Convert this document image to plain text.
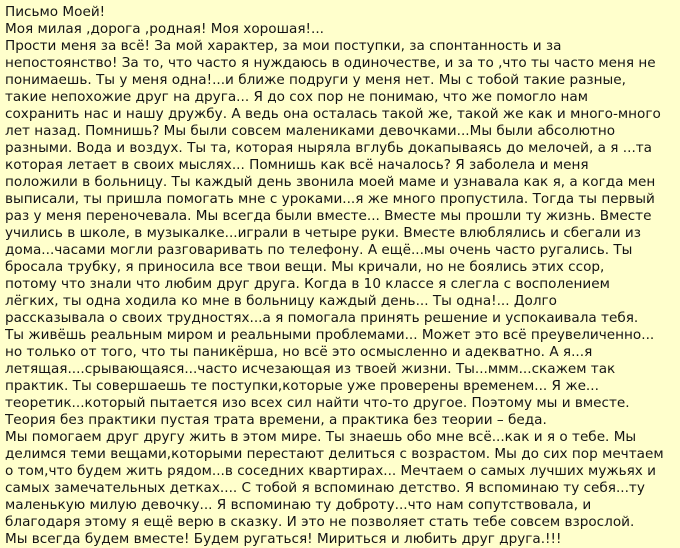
Письмо Моей!
Моя милая ,дорога ,родная! Моя хорошая!...
Прости меня за всё! За мой характер, за мои поступки, за спонтанность и за
непостоянство! За то, что часто я нуждаюсь в одиночестве, и за то ,что ты часто меня не
понимаешь. Ты у меня одна!...и ближе подруги у меня нет. Мы с тобой такие разные,
такие непохожие друг на друга... Я до сох пор не понимаю, что же помогло нам
сохранить нас и нашу дружбу. А ведь она осталась такой же, такой же как и много-много
лет назад. Помнишь? Мы были совсем малениками девочками...Мы были абсолютно
разными. Вода и воздух. Ты та, которая ныряла вглубь докапываясь до мелочей, а я ...та
которая летает в своих мыслях... Помнишь как всё началось? Я заболела и меня
положили в больницу. Ты каждый день звонила моей маме и узнавала как я, а когда мен
выписали, ты пришла помогать мне с уроками...я же много пропустила. Тогда ты первый
раз у меня переночевала. Мы всегда были вместе... Вместе мы прошли ту жизнь. Вместе
учились в школе, в музыкалке...играли в четыре руки. Вместе влюблялись и сбегали из
дома...часами могли разговаривать по телефону. А ещё...мы очень часто ругались. Ты
бросала трубку, я приносила все твои вещи. Мы кричали, но не боялись этих ссор,
потому что знали что любим друг друга. Когда в 10 классе я слегла с восполением
лёгких, ты одна ходила ко мне в больницу каждый день... Ты одна!... Долго
рассказывала о своих трудностях...а я помогала принять решение и успокаивала тебя.
Ты живёшь реальным миром и реальными проблемами... Может это всё преувеличенно...
но только от того, что ты паникёрша, но всё это осмысленно и адекватно. А я...я
летящая....срывающаяся...часто исчезающая из твоей жизни. Ты...ммм...скажем так
практик. Ты совершаешь те поступки,которые уже проверены временем... Я же...
теоретик...который пытается изо всех сил найти что-то другое. Поэтому мы и вместе.
Теория без практики пустая трата времени, а практика без теории – беда.
Мы помогаем друг другу жить в этом мире. Ты знаешь обо мне всё...как и я о тебе. Мы
делимся теми вещами,которыми перестают делиться с возрастом. Мы до сих пор мечтаем
о том,что будем жить рядом...в соседних квартирах... Мечтаем о самых лучших мужьях и
самых замечательных детках.... С тобой я вспоминаю детство. Я вспоминаю ту себя...ту
маленькую милую девочку... Я вспоминаю ту доброту...что нам сопутствовала, и
благодаря этому я ещё верю в сказку. И это не позволяет стать тебе совсем взрослой.
Мы всегда будем вместе! Будем ругаться! Мириться и любить друг друга.!!!
